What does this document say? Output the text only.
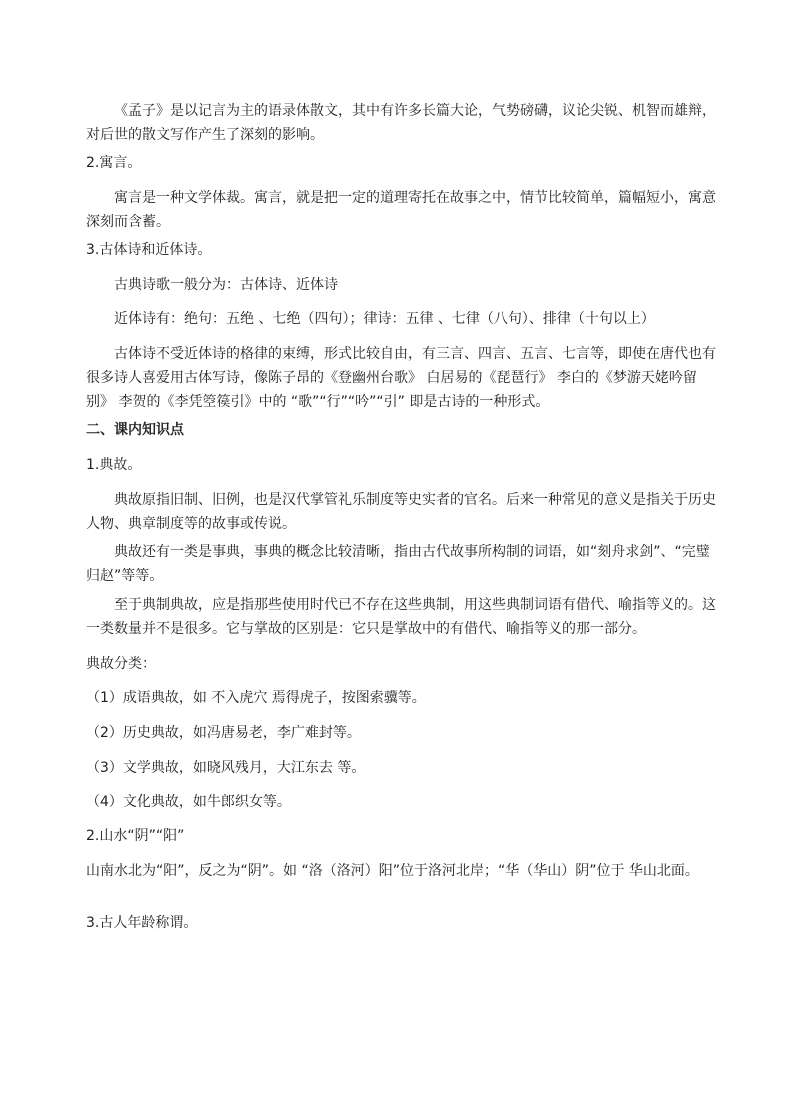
《孟子》是以记言为主的语录体散文，其中有许多长篇大论，气势磅礴，议论尖锐、机智而雄辩，对后世的散文写作产生了深刻的影响。

2.寓言。

寓言是一种文学体裁。寓言，就是把一定的道理寄托在故事之中，情节比较简单，篇幅短小，寓意深刻而含蓄。

3.古体诗和近体诗。

古典诗歌一般分为：古体诗、近体诗

近体诗有：绝句：五绝 、七绝（四句）；律诗：五律 、七律（八句）、排律（十句以上）

古体诗不受近体诗的格律的束缚，形式比较自由，有三言、四言、五言、七言等，即使在唐代也有很多诗人喜爱用古体写诗，像陈子昂的《登幽州台歌》 白居易的《琵琶行》 李白的《梦游天姥吟留别》 李贺的《李凭箜篌引》中的 “歌”“行”“吟”“引” 即是古诗的一种形式。

二、课内知识点

1.典故。

典故原指旧制、旧例，也是汉代掌管礼乐制度等史实者的官名。后来一种常见的意义是指关于历史人物、典章制度等的故事或传说。

典故还有一类是事典，事典的概念比较清晰，指由古代故事所构制的词语，如“刻舟求剑”、“完璧归赵”等等。

至于典制典故，应是指那些使用时代已不存在这些典制，用这些典制词语有借代、喻指等义的。这一类数量并不是很多。它与掌故的区别是：它只是掌故中的有借代、喻指等义的那一部分。

典故分类：

（1）成语典故，如 不入虎穴 焉得虎子，按图索骥等。

（2）历史典故，如冯唐易老，李广难封等。

（3）文学典故，如晓风残月，大江东去 等。

（4）文化典故，如牛郎织女等。

2.山水“阴”“阳”

山南水北为“阳”，反之为“阴”。如 “洛（洛河）阳”位于洛河北岸；“华（华山）阴”位于 华山北面。

3.古人年龄称谓。
